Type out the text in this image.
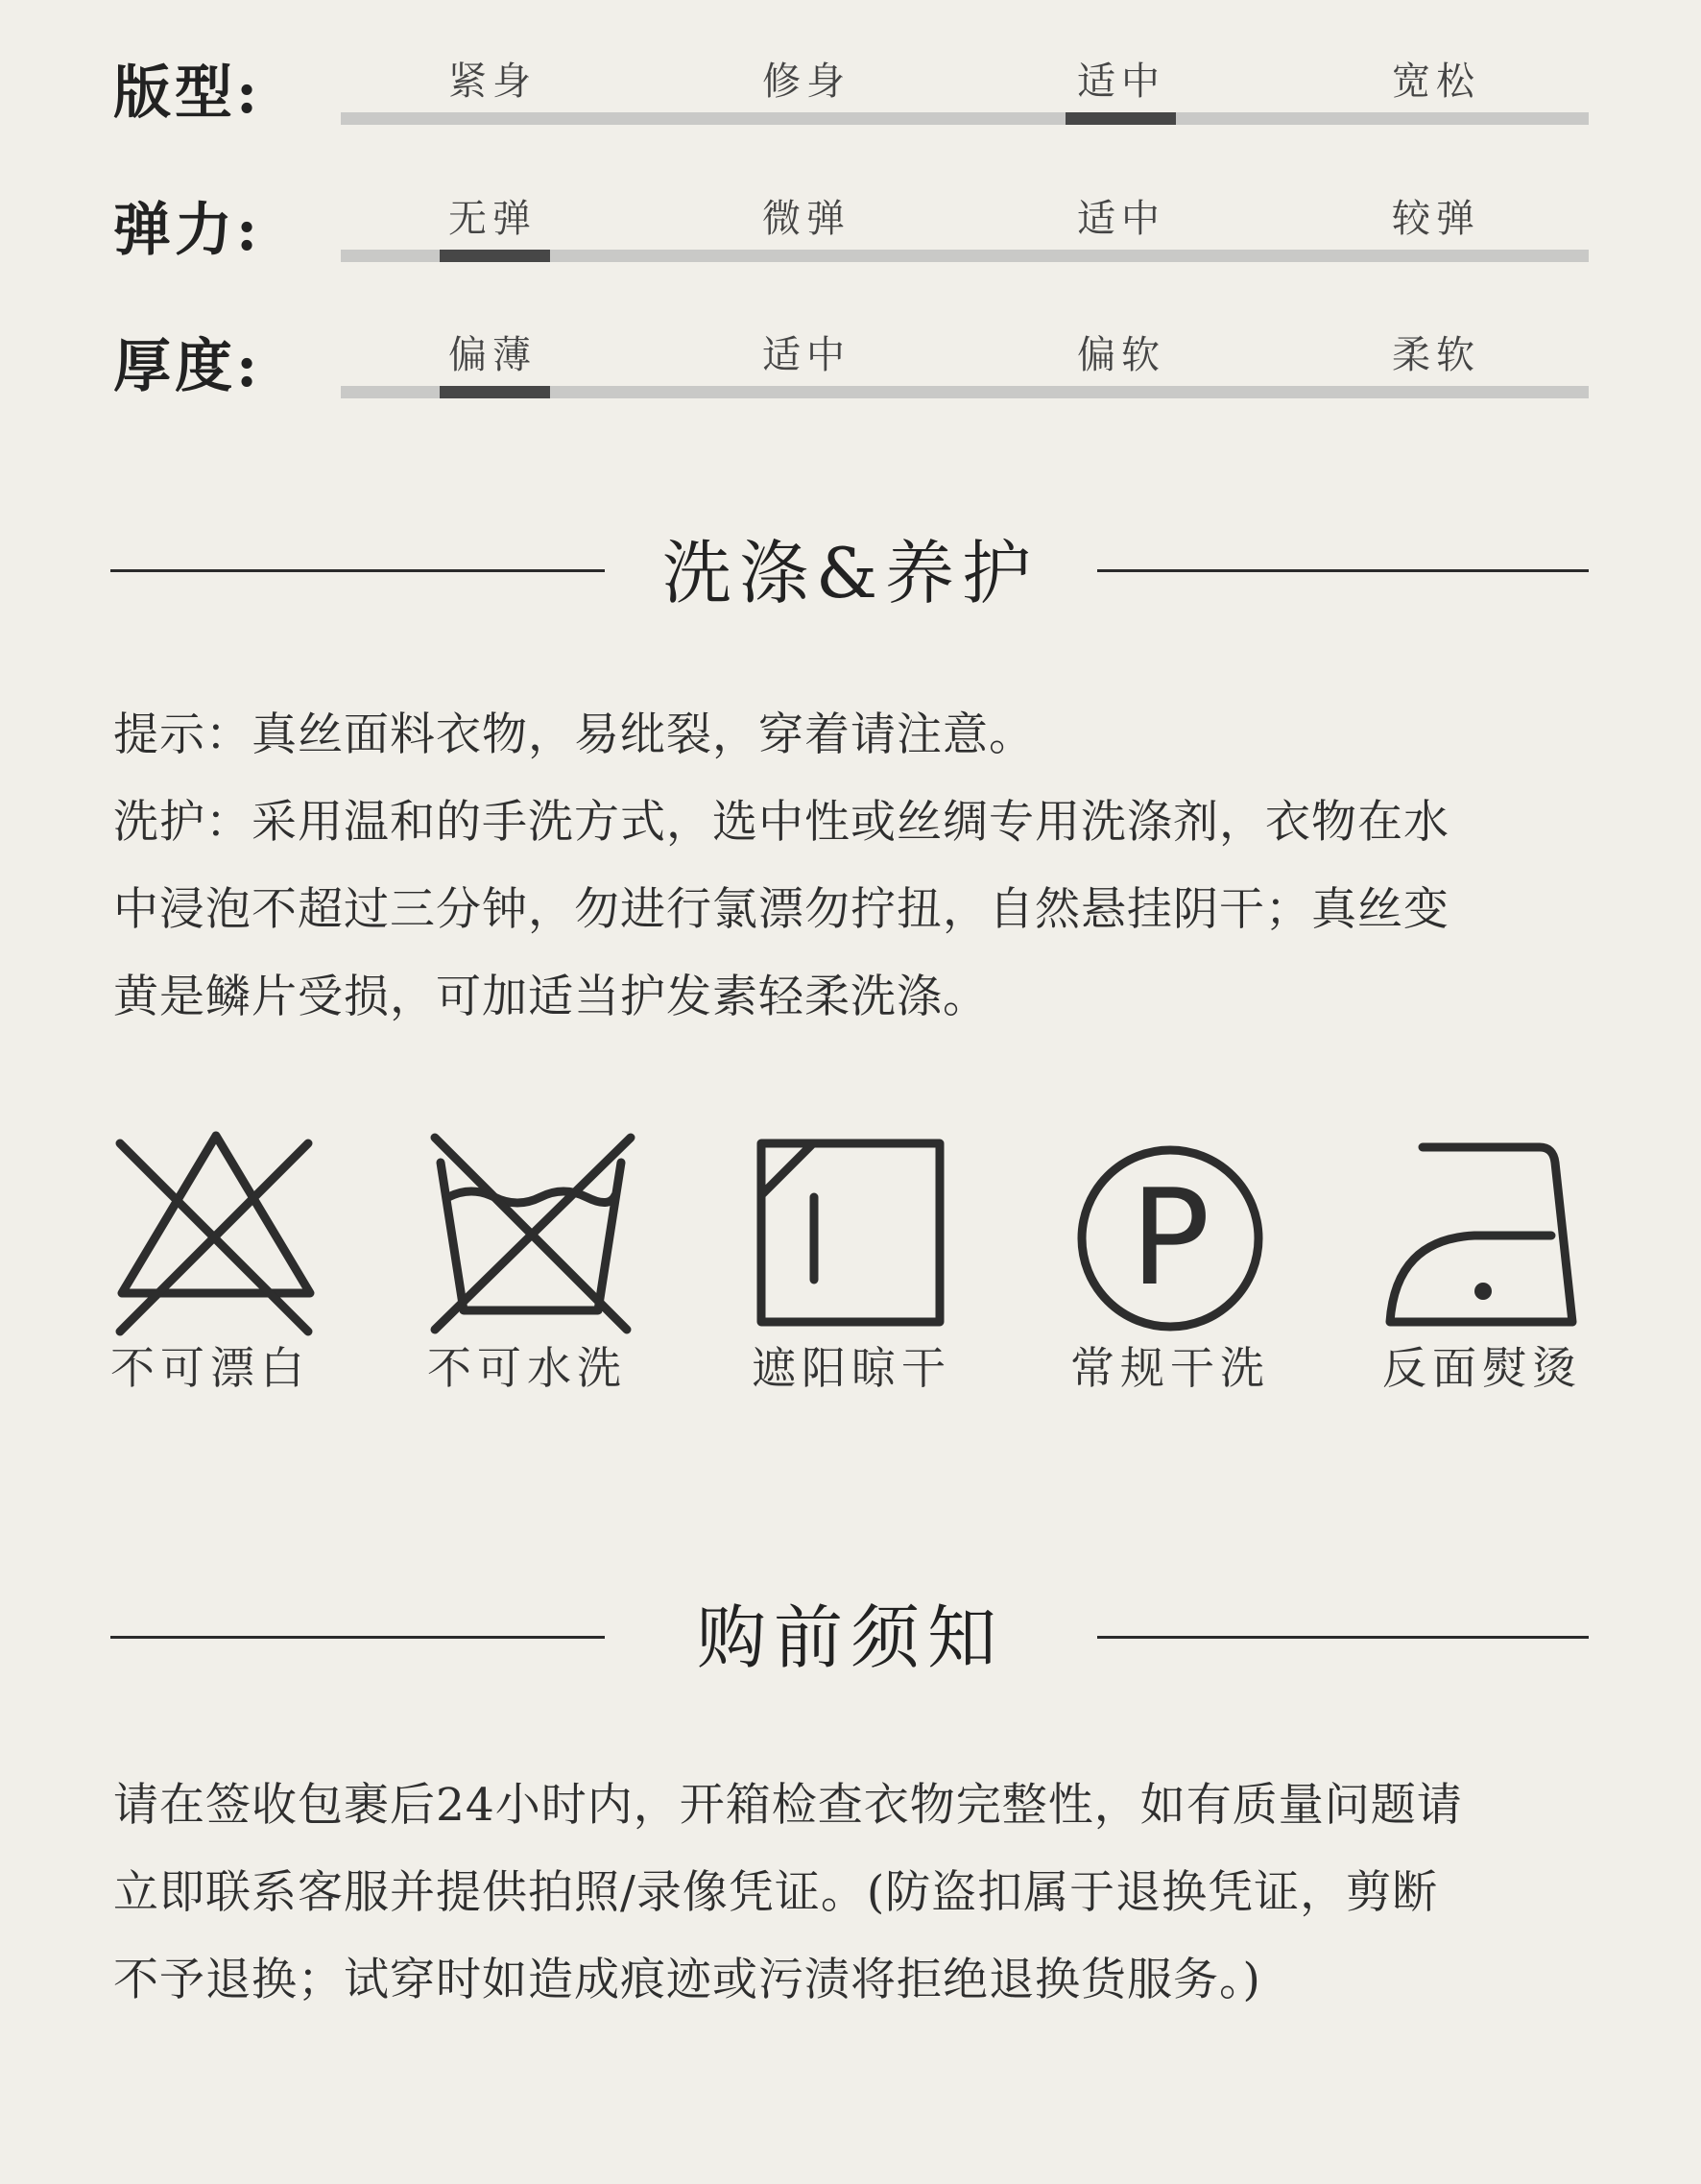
版型:	紧身	修身	适中	宽松
弹力:	无弹	微弹	适中	较弹
厚度:	偏薄	适中	偏软	柔软
洗涤&养护

提示：真丝面料衣物，易纰裂，穿着请注意。

洗护：采用温和的手洗方式，选中性或丝绸专用洗涤剂，衣物在水

中浸泡不超过三分钟，勿进行氯漂勿拧扭，自然悬挂阴干；真丝变

黄是鳞片受损，可加适当护发素轻柔洗涤。

不可漂白	不可水洗	遮阳晾干
P
常规干洗	反面熨烫
购前须知

请在签收包裹后24小时内，开箱检查衣物完整性，如有质量问题请

立即联系客服并提供拍照/录像凭证。(防盗扣属于退换凭证，剪断

不予退换；试穿时如造成痕迹或污渍将拒绝退换货服务。)
